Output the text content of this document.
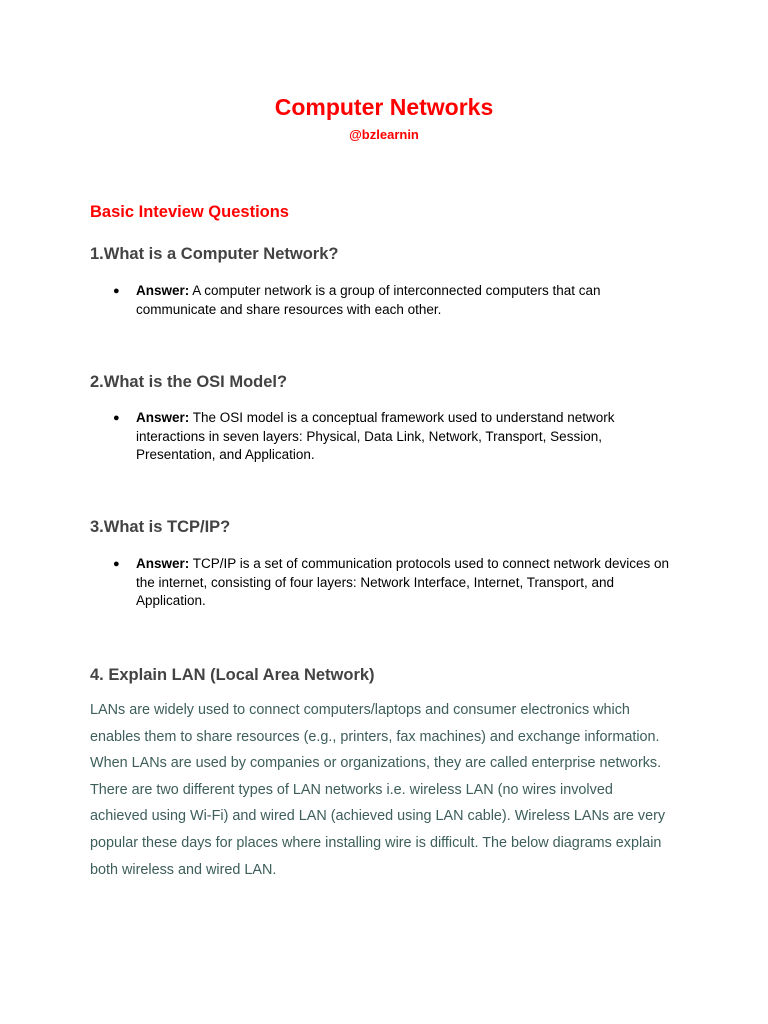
Computer Networks
@bzlearnin
Basic Inteview Questions
1.What is a Computer Network?
●	Answer: A computer network is a group of interconnected computers that can communicate and share resources with each other.
2.What is the OSI Model?
●	Answer: The OSI model is a conceptual framework used to understand network interactions in seven layers: Physical, Data Link, Network, Transport, Session, Presentation, and Application.
3.What is TCP/IP?
●	Answer: TCP/IP is a set of communication protocols used to connect network devices on the internet, consisting of four layers: Network Interface, Internet, Transport, and Application.
4. Explain LAN (Local Area Network)
LANs are widely used to connect computers/laptops and consumer electronics which enables them to share resources (e.g., printers, fax machines) and exchange information. When LANs are used by companies or organizations, they are called enterprise networks. There are two different types of LAN networks i.e. wireless LAN (no wires involved achieved using Wi-Fi) and wired LAN (achieved using LAN cable). Wireless LANs are very popular these days for places where installing wire is difficult. The below diagrams explain both wireless and wired LAN.
